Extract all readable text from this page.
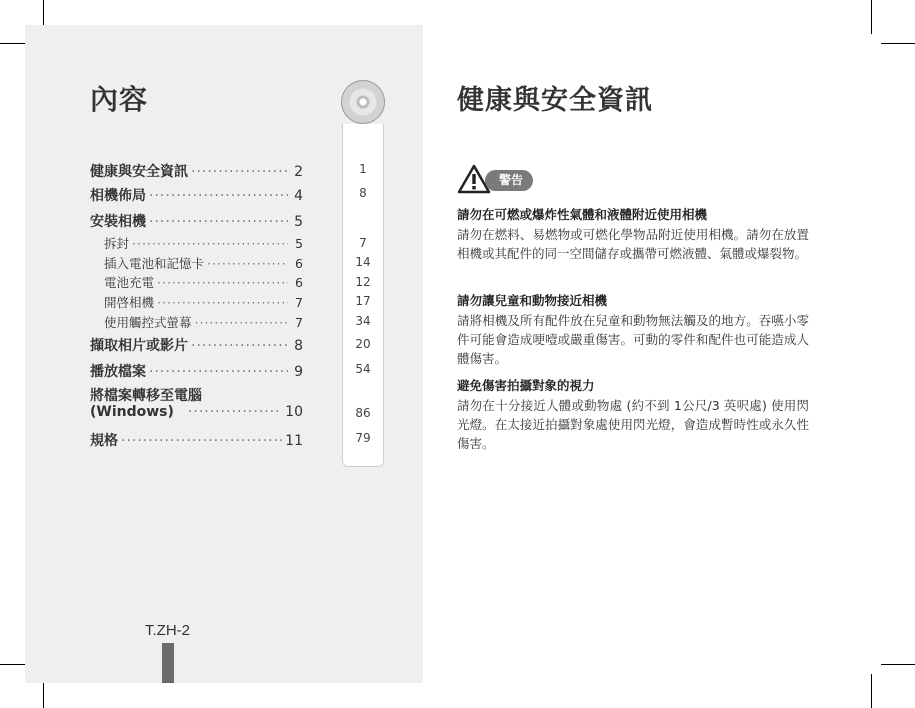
內容
1
8
7
14
12
17
34
20
54
86
79
健康與安全資訊 ·····	2
相機佈局 ·····	4
安裝相機 ·····	5
拆封 ·····	5
插入電池和記憶卡 ·····	6
電池充電 ·····	6
開啓相機 ·····	7
使用觸控式螢幕 ·····	7
擷取相片或影片 ·····	8
播放檔案 ·····	9
將檔案轉移至電腦
(Windows) ·····	10
規格 ·····	11
T.ZH-2
健康與安全資訊
警告
請勿在可燃或爆炸性氣體和液體附近使用相機

請勿在燃料、易燃物或可燃化學物品附近使用相機。請勿在放置相機或其配件的同一空間儲存或攜帶可燃液體、氣體或爆裂物。

請勿讓兒童和動物接近相機

請將相機及所有配件放在兒童和動物無法觸及的地方。吞嚥小零件可能會造成哽噎或嚴重傷害。可動的零件和配件也可能造成人體傷害。

避免傷害拍攝對象的視力

請勿在十分接近人體或動物處 (約不到 1公尺/3 英呎處) 使用閃光燈。在太接近拍攝對象處使用閃光燈，會造成暫時性或永久性傷害。
